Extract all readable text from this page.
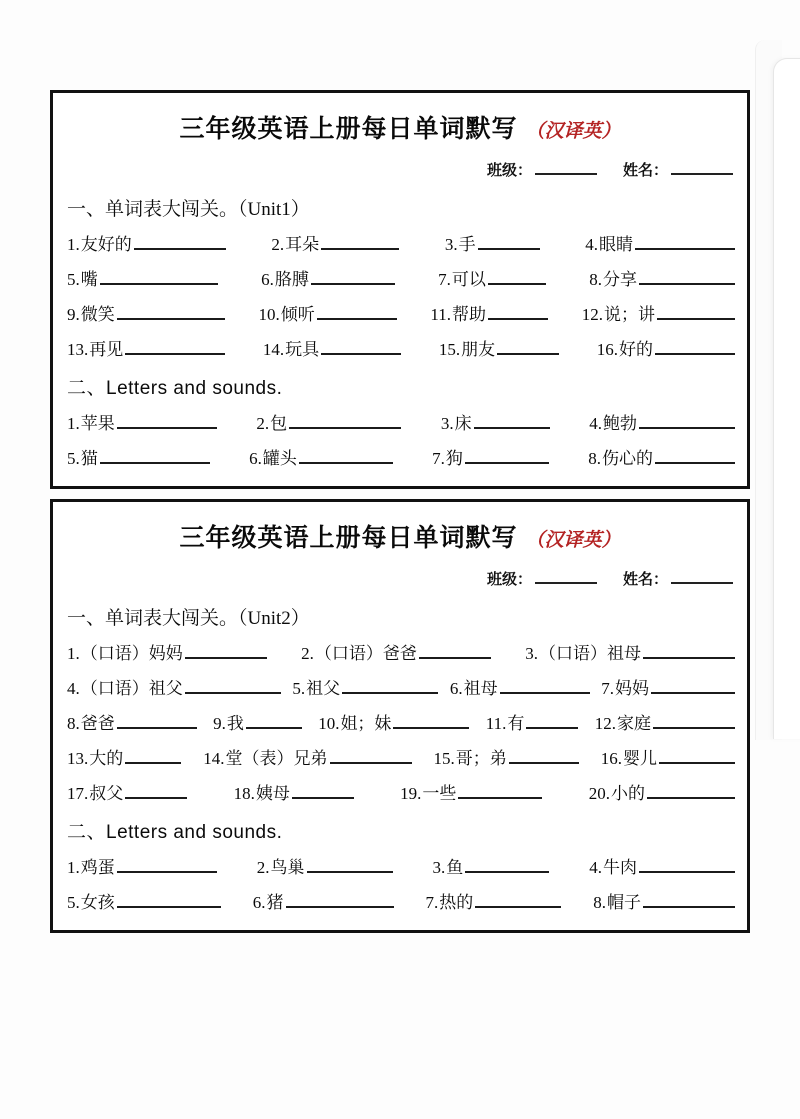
三年级英语上册每日单词默写 （汉译英）
班级：	姓名：
一、单词表大闯关。（Unit1）
1. 友好的	2. 耳朵	3. 手	4. 眼睛
5. 嘴	6. 胳膊	7. 可以	8. 分享
9. 微笑	10. 倾听	11. 帮助	12. 说；讲
13. 再见	14. 玩具	15. 朋友	16. 好的
二、Letters and sounds.
1. 苹果	2. 包	3. 床	4. 鲍勃
5. 猫	6. 罐头	7. 狗	8. 伤心的
三年级英语上册每日单词默写 （汉译英）
班级：	姓名：
一、单词表大闯关。（Unit2）
1. （口语）妈妈	2. （口语）爸爸	3. （口语）祖母
4. （口语）祖父	5. 祖父	6. 祖母	7. 妈妈
8. 爸爸	9. 我	10. 姐；妹	11. 有	12. 家庭
13. 大的	14. 堂（表）兄弟	15. 哥；弟	16. 婴儿
17. 叔父	18. 姨母	19. 一些	20. 小的
二、Letters and sounds.
1. 鸡蛋	2. 鸟巢	3. 鱼	4. 牛肉
5. 女孩	6. 猪	7. 热的	8. 帽子
